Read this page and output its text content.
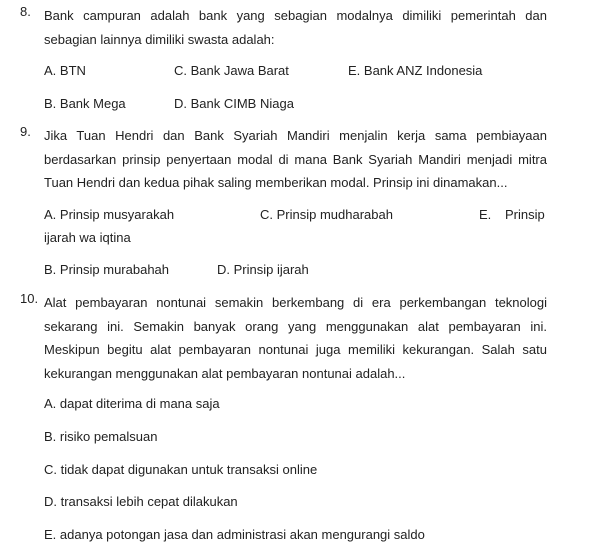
8.	Bank campuran adalah bank yang sebagian modalnya dimiliki pemerintah dan sebagian lainnya dimiliki swasta adalah:
A. BTN	C. Bank Jawa Barat	E. Bank ANZ Indonesia
B. Bank Mega	D. Bank CIMB Niaga
9.	Jika Tuan Hendri dan Bank Syariah Mandiri menjalin kerja sama pembiayaan berdasarkan prinsip penyertaan modal di mana Bank Syariah Mandiri menjadi mitra Tuan Hendri dan kedua pihak saling memberikan modal. Prinsip ini dinamakan...
A. Prinsip musyarakah	C. Prinsip mudharabah	E. Prinsip
ijarah wa iqtina
B. Prinsip murabahah	D. Prinsip ijarah
10. Alat pembayaran nontunai semakin berkembang di era perkembangan teknologi sekarang ini. Semakin banyak orang yang menggunakan alat pembayaran ini. Meskipun begitu alat pembayaran nontunai juga memiliki kekurangan. Salah satu kekurangan menggunakan alat pembayaran nontunai adalah...
A. dapat diterima di mana saja
B. risiko pemalsuan
C. tidak dapat digunakan untuk transaksi online
D. transaksi lebih cepat dilakukan
E. adanya potongan jasa dan administrasi akan mengurangi saldo
